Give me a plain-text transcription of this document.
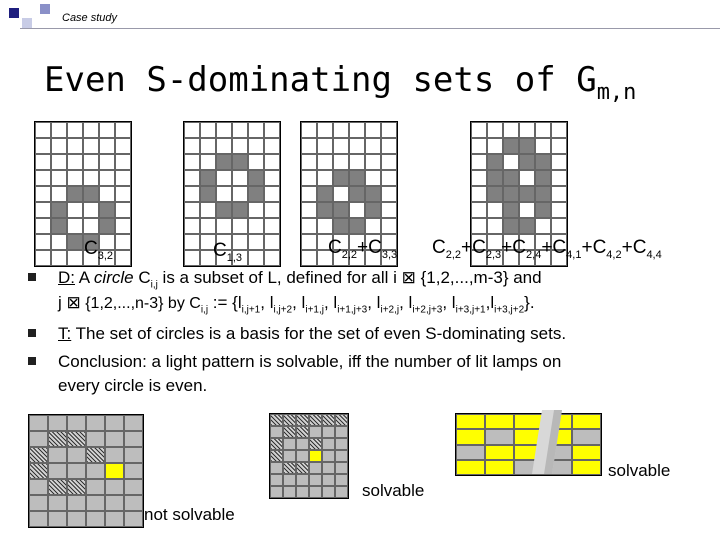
Case study
Even S-dominating sets of $G_{m,n}$
$C_{3,2}$	$C_{1,3}$	$C_{2,2}+C_{3,3}$ $C_{2,2}+C_{2,3}+C_{2,4}+C_{4,1}+C_{4,2}+C_{4,4}$
D: A circle $C_{i,j}$ is a subset of L, defined for all i ⊠ {1,2,...,m-3} and
j ⊠ {1,2,...,n-3} by $C_{i,j}$ := {$l_{i,j+1}$, $l_{i,j+2}$, $l_{i+1,j}$, $l_{i+1,j+3}$, $l_{i+2,j}$, $l_{i+2,j+3}$, $l_{i+3,j+1},l_{i+3,j+2}$}.
T: The set of circles is a basis for the set of even S-dominating sets.
Conclusion: a light pattern is solvable, iff the number of lit lamps on
every circle is even.
not solvable
solvable
solvable
